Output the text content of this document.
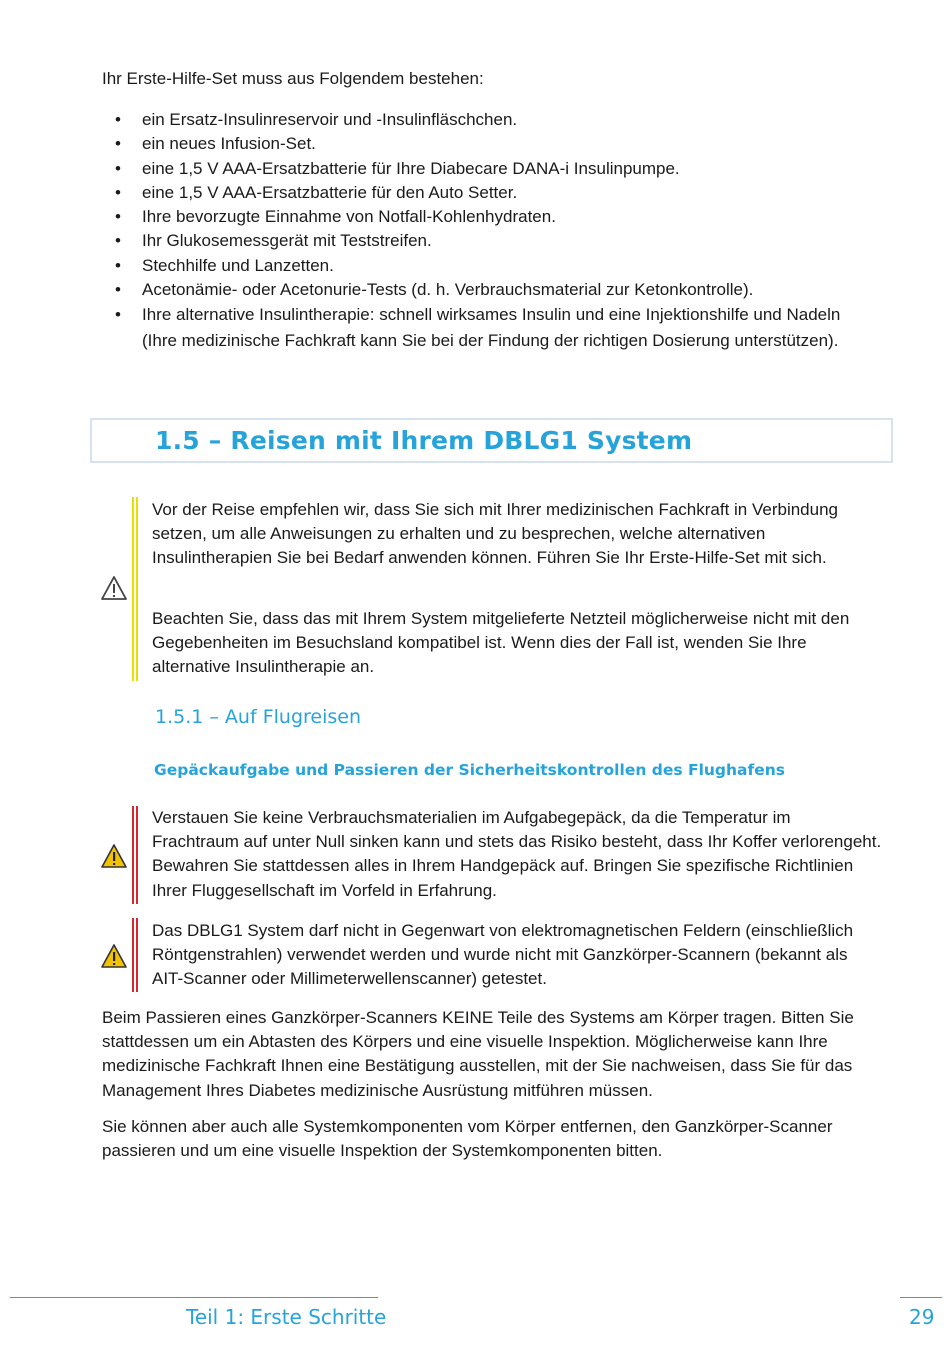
Ihr Erste-Hilfe-Set muss aus Folgendem bestehen:

• ein Ersatz-Insulinreservoir und -Insulinfläschchen.
• ein neues Infusion-Set.
• eine 1,5 V AAA-Ersatzbatterie für Ihre Diabecare DANA-i Insulinpumpe.
• eine 1,5 V AAA-Ersatzbatterie für den Auto Setter.
• Ihre bevorzugte Einnahme von Notfall-Kohlenhydraten.
• Ihr Glukosemessgerät mit Teststreifen.
• Stechhilfe und Lanzetten.
• Acetonämie- oder Acetonurie-Tests (d. h. Verbrauchsmaterial zur Ketonkontrolle).
• Ihre alternative Insulintherapie: schnell wirksames Insulin und eine Injektionshilfe und Nadeln (Ihre medizinische Fachkraft kann Sie bei der Findung der richtigen Dosierung unterstützen).
1.5 – Reisen mit Ihrem DBLG1 System

Vor der Reise empfehlen wir, dass Sie sich mit Ihrer medizinischen Fachkraft in Verbindung setzen, um alle Anweisungen zu erhalten und zu besprechen, welche alternativen Insulintherapien Sie bei Bedarf anwenden können. Führen Sie Ihr Erste-Hilfe-Set mit sich.

Beachten Sie, dass das mit Ihrem System mitgelieferte Netzteil möglicherweise nicht mit den Gegebenheiten im Besuchsland kompatibel ist. Wenn dies der Fall ist, wenden Sie Ihre alternative Insulintherapie an.

1.5.1 – Auf Flugreisen
Gepäckaufgabe und Passieren der Sicherheitskontrollen des Flughafens

Verstauen Sie keine Verbrauchsmaterialien im Aufgabegepäck, da die Temperatur im Frachtraum auf unter Null sinken kann und stets das Risiko besteht, dass Ihr Koffer verlorengeht. Bewahren Sie stattdessen alles in Ihrem Handgepäck auf. Bringen Sie spezifische Richtlinien Ihrer Fluggesellschaft im Vorfeld in Erfahrung.

Das DBLG1 System darf nicht in Gegenwart von elektromagnetischen Feldern (einschließlich Röntgenstrahlen) verwendet werden und wurde nicht mit Ganzkörper-Scannern (bekannt als AIT-Scanner oder Millimeterwellenscanner) getestet.

Beim Passieren eines Ganzkörper-Scanners KEINE Teile des Systems am Körper tragen. Bitten Sie stattdessen um ein Abtasten des Körpers und eine visuelle Inspektion. Möglicherweise kann Ihre medizinische Fachkraft Ihnen eine Bestätigung ausstellen, mit der Sie nachweisen, dass Sie für das Management Ihres Diabetes medizinische Ausrüstung mitführen müssen.

Sie können aber auch alle Systemkomponenten vom Körper entfernen, den Ganzkörper-Scanner passieren und um eine visuelle Inspektion der Systemkomponenten bitten.

Teil 1: Erste Schritte	29
